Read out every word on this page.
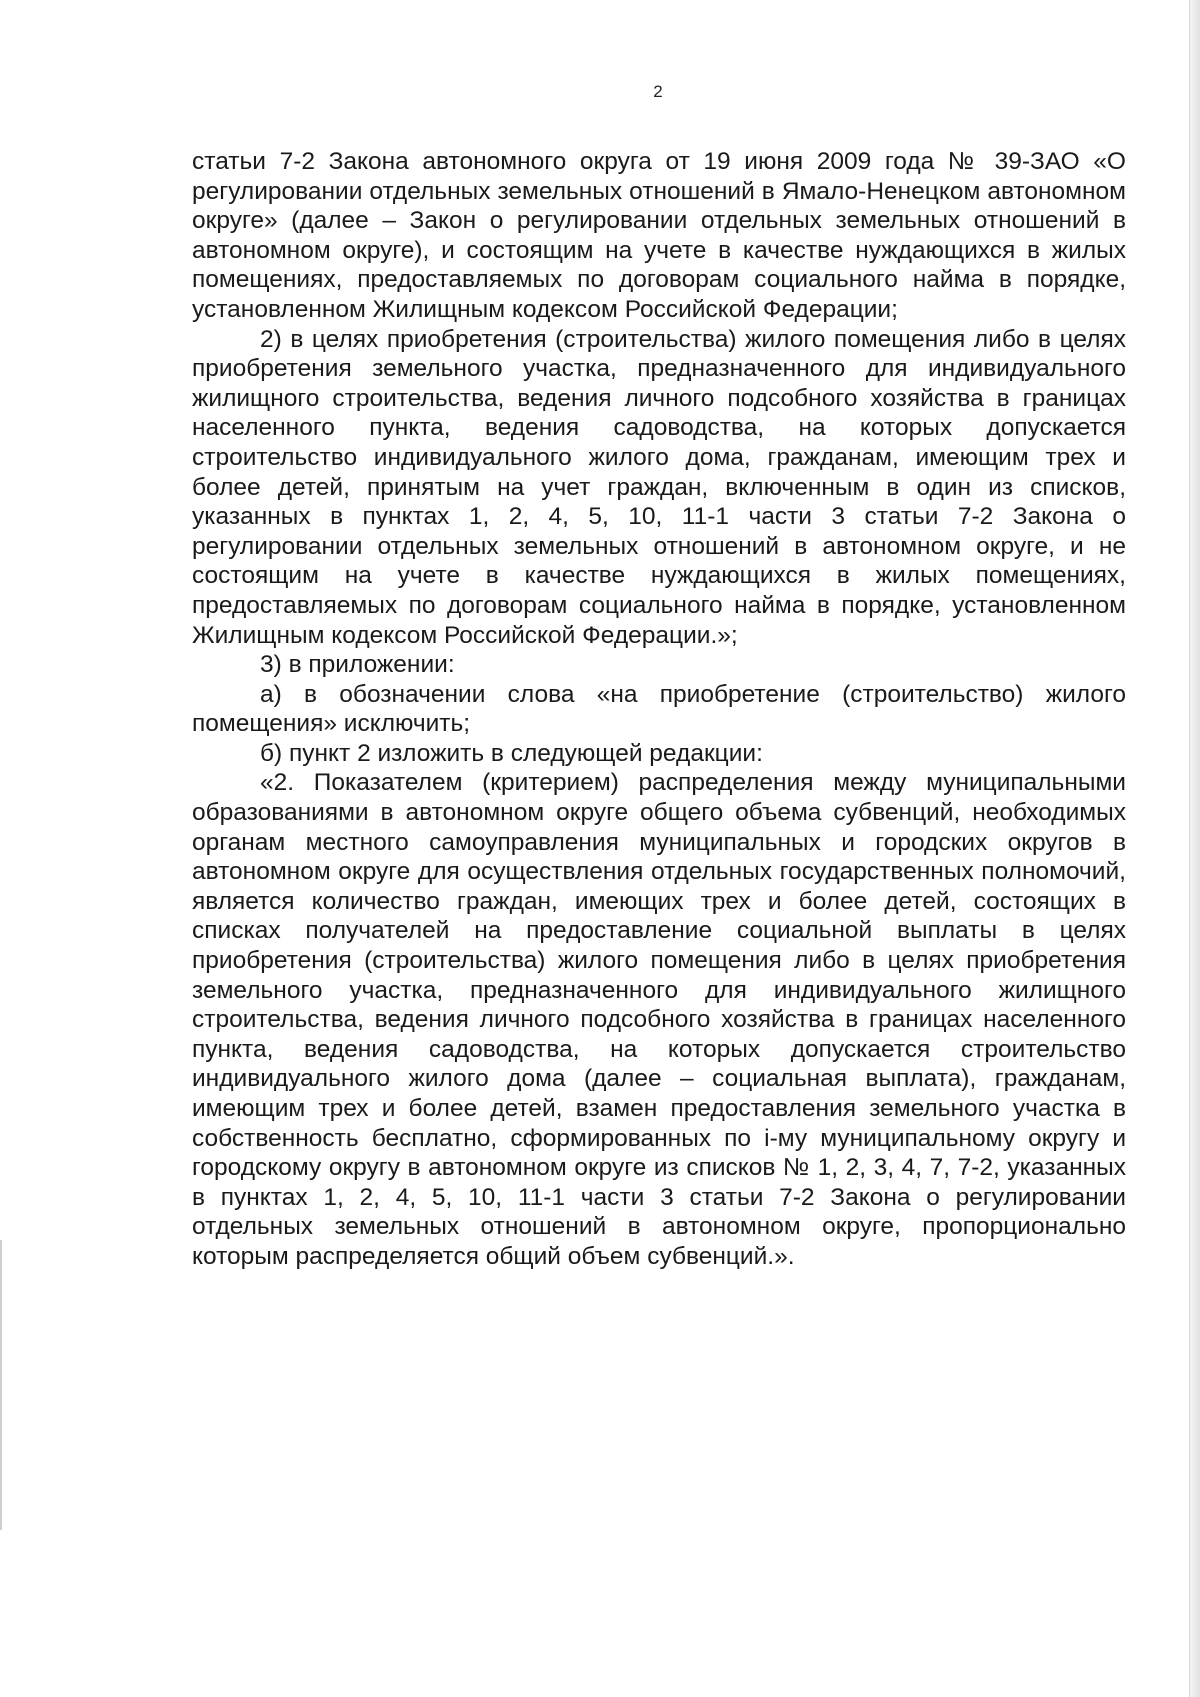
2

статьи 7-2 Закона автономного округа от 19 июня 2009 года № 39-ЗАО «О регулировании отдельных земельных отношений в Ямало-Ненецком автономном округе» (далее – Закон о регулировании отдельных земельных отношений в автономном округе), и состоящим на учете в качестве нуждающихся в жилых помещениях, предоставляемых по договорам социального найма в порядке, установленном Жилищным кодексом Российской Федерации;

2) в целях приобретения (строительства) жилого помещения либо в целях приобретения земельного участка, предназначенного для индивидуального жилищного строительства, ведения личного подсобного хозяйства в границах населенного пункта, ведения садоводства, на которых допускается строительство индивидуального жилого дома, гражданам, имеющим трех и более детей, принятым на учет граждан, включенным в один из списков, указанных в пунктах 1, 2, 4, 5, 10, 11-1 части 3 статьи 7-2 Закона о регулировании отдельных земельных отношений в автономном округе, и не состоящим на учете в качестве нуждающихся в жилых помещениях, предоставляемых по договорам социального найма в порядке, установленном Жилищным кодексом Российской Федерации.»;

3) в приложении:

а) в обозначении слова «на приобретение (строительство) жилого помещения» исключить;

б) пункт 2 изложить в следующей редакции:

«2. Показателем (критерием) распределения между муниципальными образованиями в автономном округе общего объема субвенций, необходимых органам местного самоуправления муниципальных и городских округов в автономном округе для осуществления отдельных государственных полномочий, является количество граждан, имеющих трех и более детей, состоящих в списках получателей на предоставление социальной выплаты в целях приобретения (строительства) жилого помещения либо в целях приобретения земельного участка, предназначенного для индивидуального жилищного строительства, ведения личного подсобного хозяйства в границах населенного пункта, ведения садоводства, на которых допускается строительство индивидуального жилого дома (далее – социальная выплата), гражданам, имеющим трех и более детей, взамен предоставления земельного участка в собственность бесплатно, сформированных по i-му муниципальному округу и городскому округу в автономном округе из списков № 1, 2, 3, 4, 7, 7-2, указанных в пунктах 1, 2, 4, 5, 10, 11-1 части 3 статьи 7-2 Закона о регулировании отдельных земельных отношений в автономном округе, пропорционально которым распределяется общий объем субвенций.».
